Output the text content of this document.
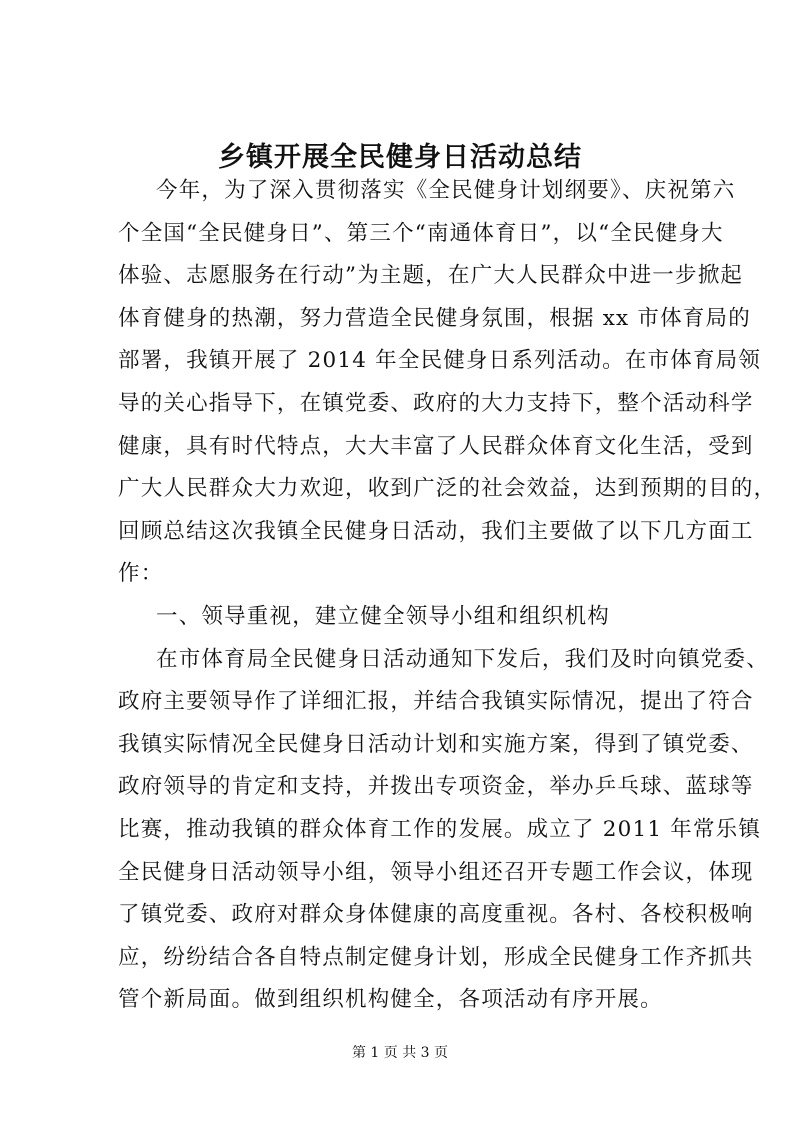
乡镇开展全民健身日活动总结
今年，为了深入贯彻落实《全民健身计划纲要》、庆祝第六
个全国“全民健身日”、第三个“南通体育日”，以“全民健身大
体验、志愿服务在行动”为主题，在广大人民群众中进一步掀起
体育健身的热潮，努力营造全民健身氛围，根据 xx 市体育局的
部署，我镇开展了 2014 年全民健身日系列活动。在市体育局领
导的关心指导下，在镇党委、政府的大力支持下，整个活动科学
健康，具有时代特点，大大丰富了人民群众体育文化生活，受到
广大人民群众大力欢迎，收到广泛的社会效益，达到预期的目的，
回顾总结这次我镇全民健身日活动，我们主要做了以下几方面工
作：
一、领导重视，建立健全领导小组和组织机构
在市体育局全民健身日活动通知下发后，我们及时向镇党委、
政府主要领导作了详细汇报，并结合我镇实际情况，提出了符合
我镇实际情况全民健身日活动计划和实施方案，得到了镇党委、
政府领导的肯定和支持，并拨出专项资金，举办乒乓球、蓝球等
比赛，推动我镇的群众体育工作的发展。成立了 2011 年常乐镇
全民健身日活动领导小组，领导小组还召开专题工作会议，体现
了镇党委、政府对群众身体健康的高度重视。各村、各校积极响
应，纷纷结合各自特点制定健身计划，形成全民健身工作齐抓共
管个新局面。做到组织机构健全，各项活动有序开展。
第 1 页 共 3 页
